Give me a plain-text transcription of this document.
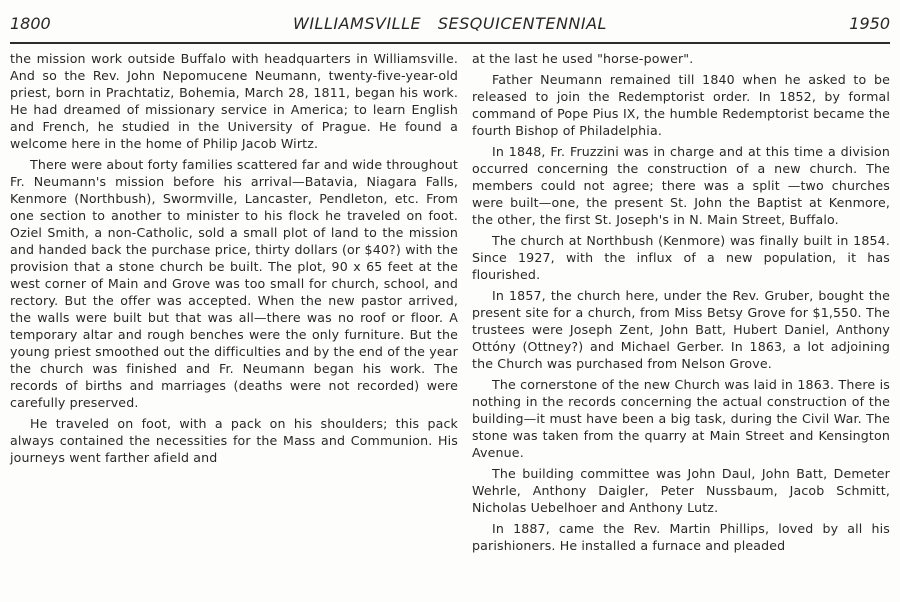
1800	WILLIAMSVILLE   SESQUICENTENNIAL	1950

the mission work outside Buffalo with headquarters in Williamsville. And so the Rev. John Nepomucene Neumann, twenty-five-year-old priest, born in Prachtatiz, Bohemia, March 28, 1811, began his work. He had dreamed of missionary service in America; to learn English and French, he studied in the University of Prague. He found a welcome here in the home of Philip Jacob Wirtz.

There were about forty families scattered far and wide throughout Fr. Neumann's mission before his arrival—Batavia, Niagara Falls, Kenmore (Northbush), Swormville, Lancaster, Pendleton, etc. From one section to another to minister to his flock he traveled on foot. Oziel Smith, a non-Catholic, sold a small plot of land to the mission and handed back the purchase price, thirty dollars (or $40?) with the provision that a stone church be built. The plot, 90 x 65 feet at the west corner of Main and Grove was too small for church, school, and rectory. But the offer was accepted. When the new pastor arrived, the walls were built but that was all—there was no roof or floor. A temporary altar and rough benches were the only furniture. But the young priest smoothed out the difficulties and by the end of the year the church was finished and Fr. Neumann began his work. The records of births and marriages (deaths were not recorded) were carefully preserved.

He traveled on foot, with a pack on his shoulders; this pack always contained the necessities for the Mass and Communion. His journeys went farther afield and

at the last he used "horse-power".

Father Neumann remained till 1840 when he asked to be released to join the Redemptorist order. In 1852, by formal command of Pope Pius IX, the humble Redemptorist became the fourth Bishop of Philadelphia.

In 1848, Fr. Fruzzini was in charge and at this time a division occurred concerning the construction of a new church. The members could not agree; there was a split —two churches were built—one, the present St. John the Baptist at Kenmore, the other, the first St. Joseph's in N. Main Street, Buffalo.

The church at Northbush (Kenmore) was finally built in 1854. Since 1927, with the influx of a new population, it has flourished.

In 1857, the church here, under the Rev. Gruber, bought the present site for a church, from Miss Betsy Grove for $1,550. The trustees were Joseph Zent, John Batt, Hubert Daniel, Anthony Ottóny (Ottney?) and Michael Gerber. In 1863, a lot adjoining the Church was purchased from Nelson Grove.

The cornerstone of the new Church was laid in 1863. There is nothing in the records concerning the actual construction of the building—it must have been a big task, during the Civil War. The stone was taken from the quarry at Main Street and Kensington Avenue.

The building committee was John Daul, John Batt, Demeter Wehrle, Anthony Daigler, Peter Nussbaum, Jacob Schmitt, Nicholas Uebelhoer and Anthony Lutz.

In 1887, came the Rev. Martin Phillips, loved by all his parishioners. He installed a furnace and pleaded
